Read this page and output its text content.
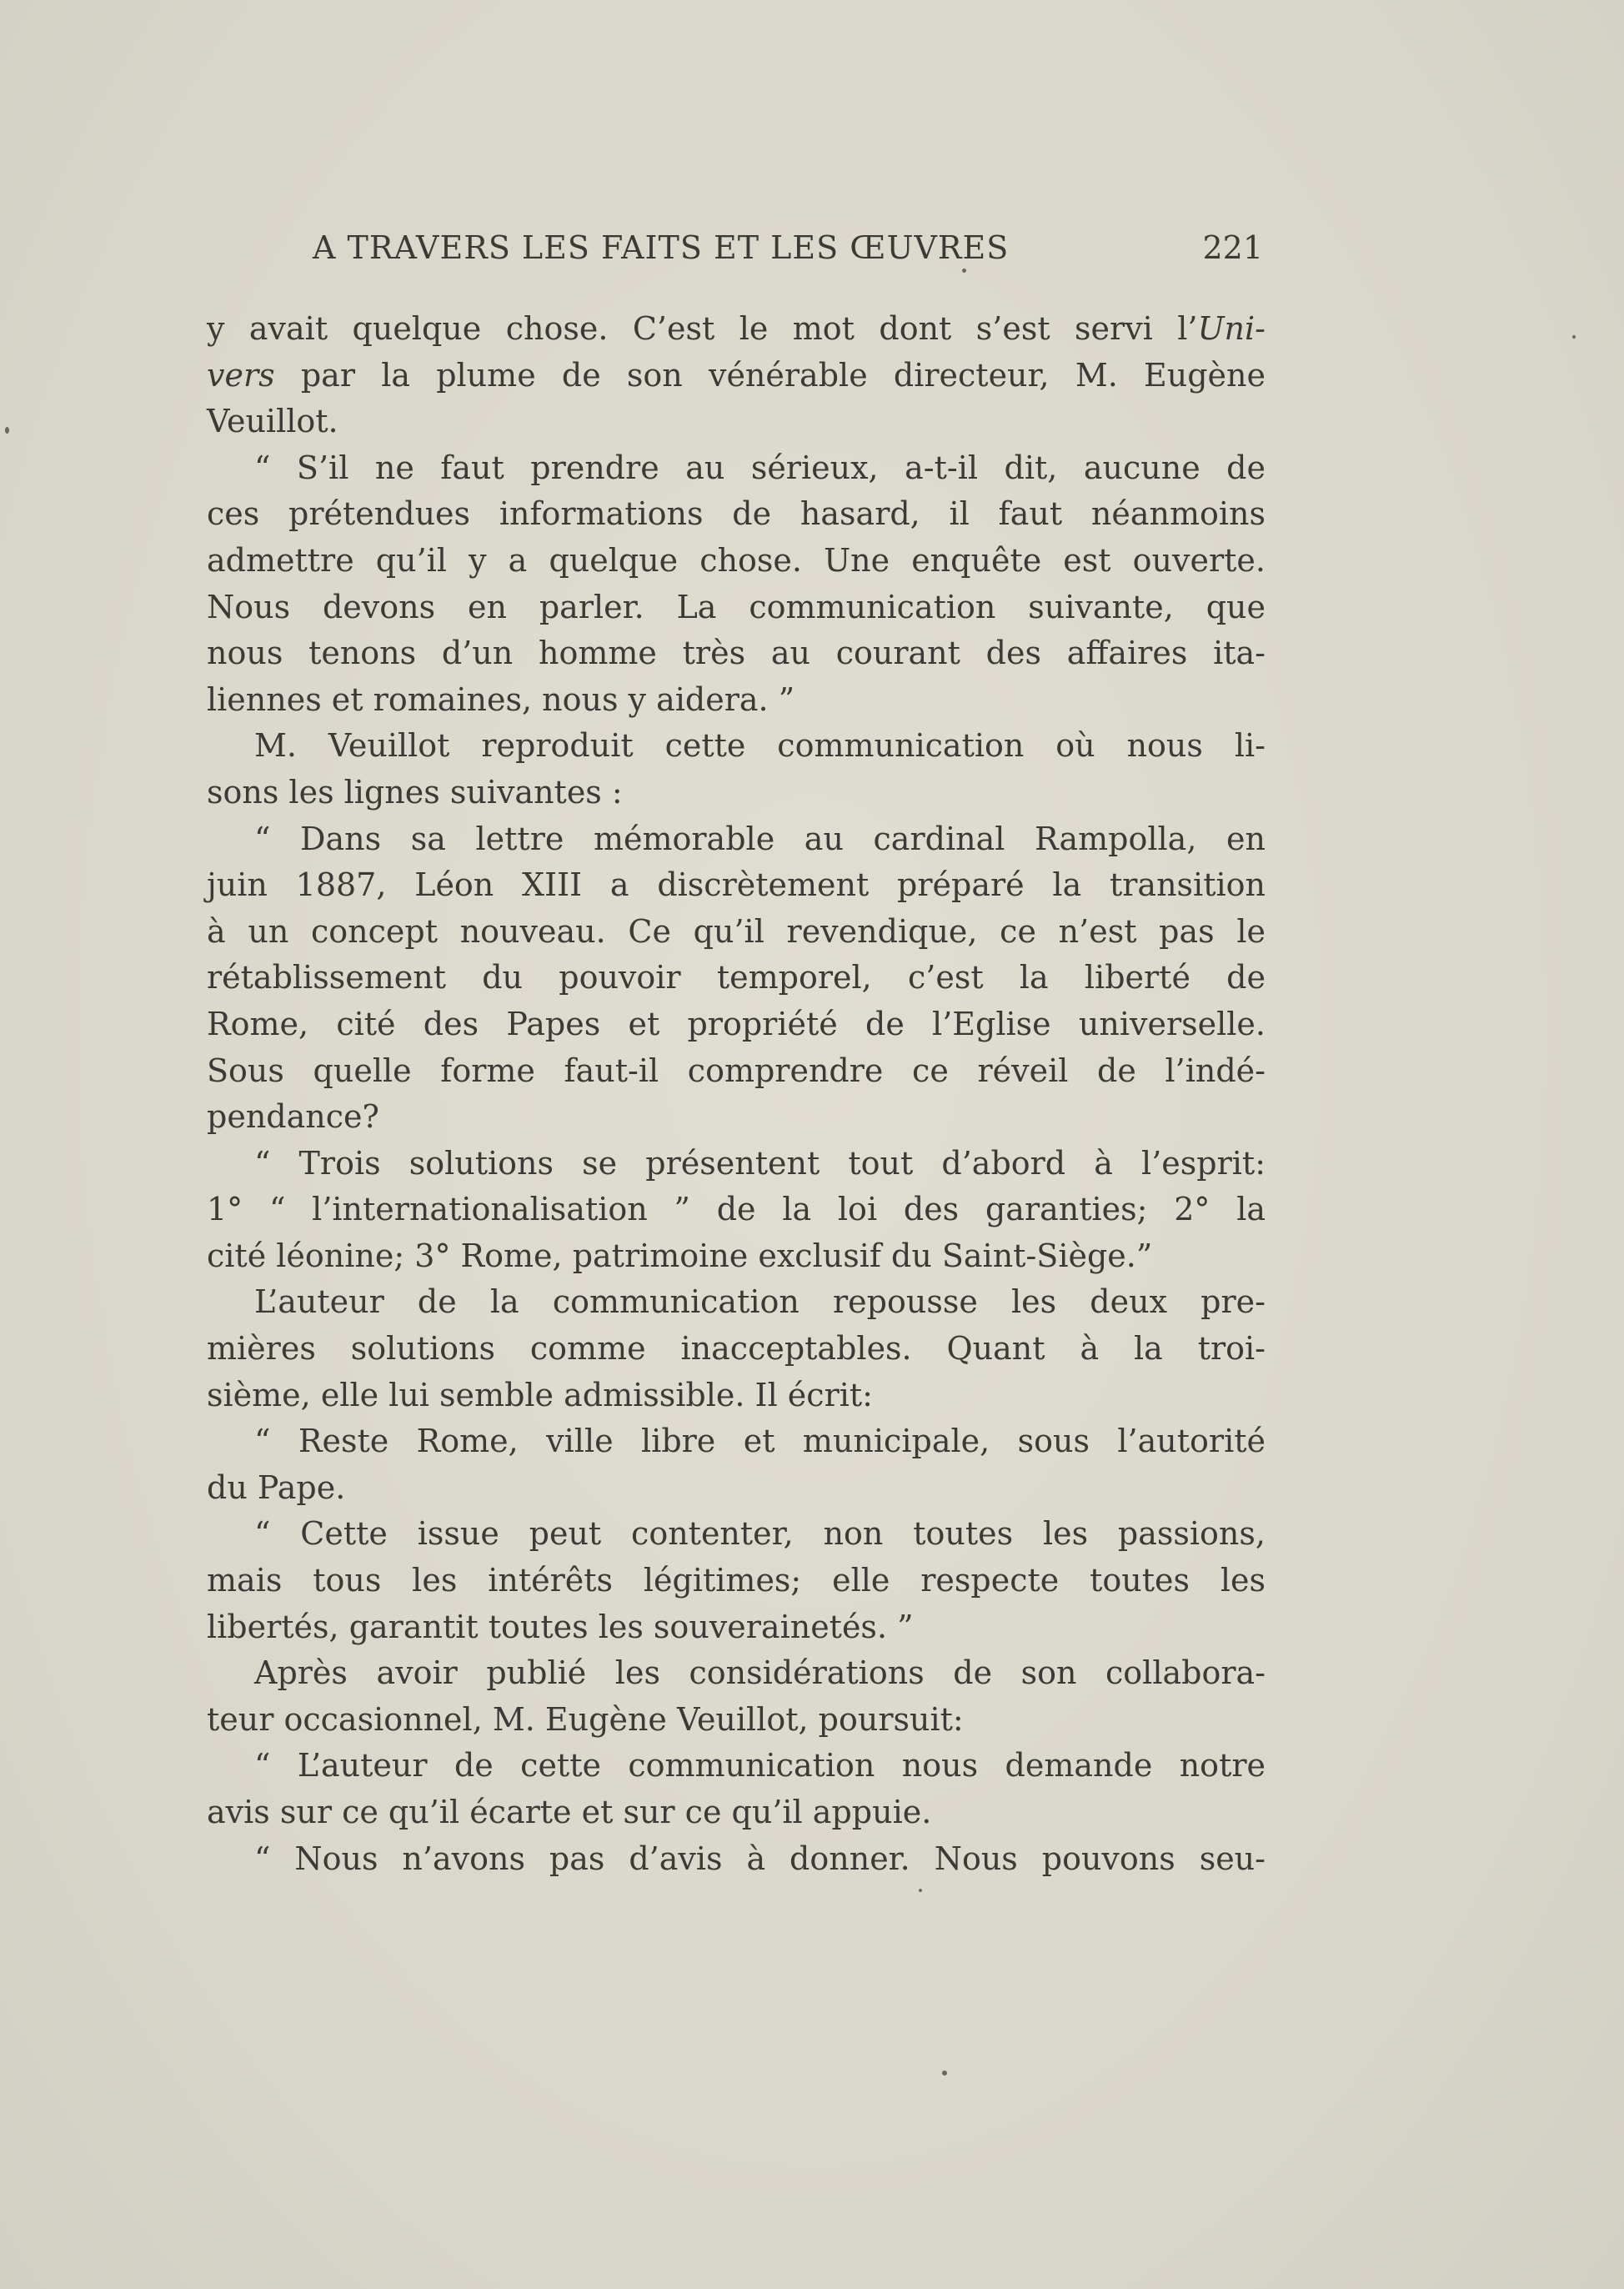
A TRAVERS LES FAITS ET LES ŒUVRES	221
y avait quelque chose. C’est le mot dont s’est servi l’Uni-
vers par la plume de son vénérable directeur, M. Eugène
Veuillot.
“ S’il ne faut prendre au sérieux, a-t-il dit, aucune de
ces prétendues informations de hasard, il faut néanmoins
admettre qu’il y a quelque chose. Une enquête est ouverte.
Nous devons en parler. La communication suivante, que
nous tenons d’un homme très au courant des affaires ita-
liennes et romaines, nous y aidera. ”
M. Veuillot reproduit cette communication où nous li-
sons les lignes suivantes :
“ Dans sa lettre mémorable au cardinal Rampolla, en
juin 1887, Léon XIII a discrètement préparé la transition
à un concept nouveau. Ce qu’il revendique, ce n’est pas le
rétablissement du pouvoir temporel, c’est la liberté de
Rome, cité des Papes et propriété de l’Eglise universelle.
Sous quelle forme faut-il comprendre ce réveil de l’indé-
pendance?
“ Trois solutions se présentent tout d’abord à l’esprit:
1° “ l’internationalisation ” de la loi des garanties; 2° la
cité léonine; 3° Rome, patrimoine exclusif du Saint-Siège.”
L’auteur de la communication repousse les deux pre-
mières solutions comme inacceptables. Quant à la troi-
sième, elle lui semble admissible. Il écrit:
“ Reste Rome, ville libre et municipale, sous l’autorité
du Pape.
“ Cette issue peut contenter, non toutes les passions,
mais tous les intérêts légitimes; elle respecte toutes les
libertés, garantit toutes les souverainetés. ”
Après avoir publié les considérations de son collabora-
teur occasionnel, M. Eugène Veuillot, poursuit:
“ L’auteur de cette communication nous demande notre
avis sur ce qu’il écarte et sur ce qu’il appuie.
“ Nous n’avons pas d’avis à donner. Nous pouvons seu-
